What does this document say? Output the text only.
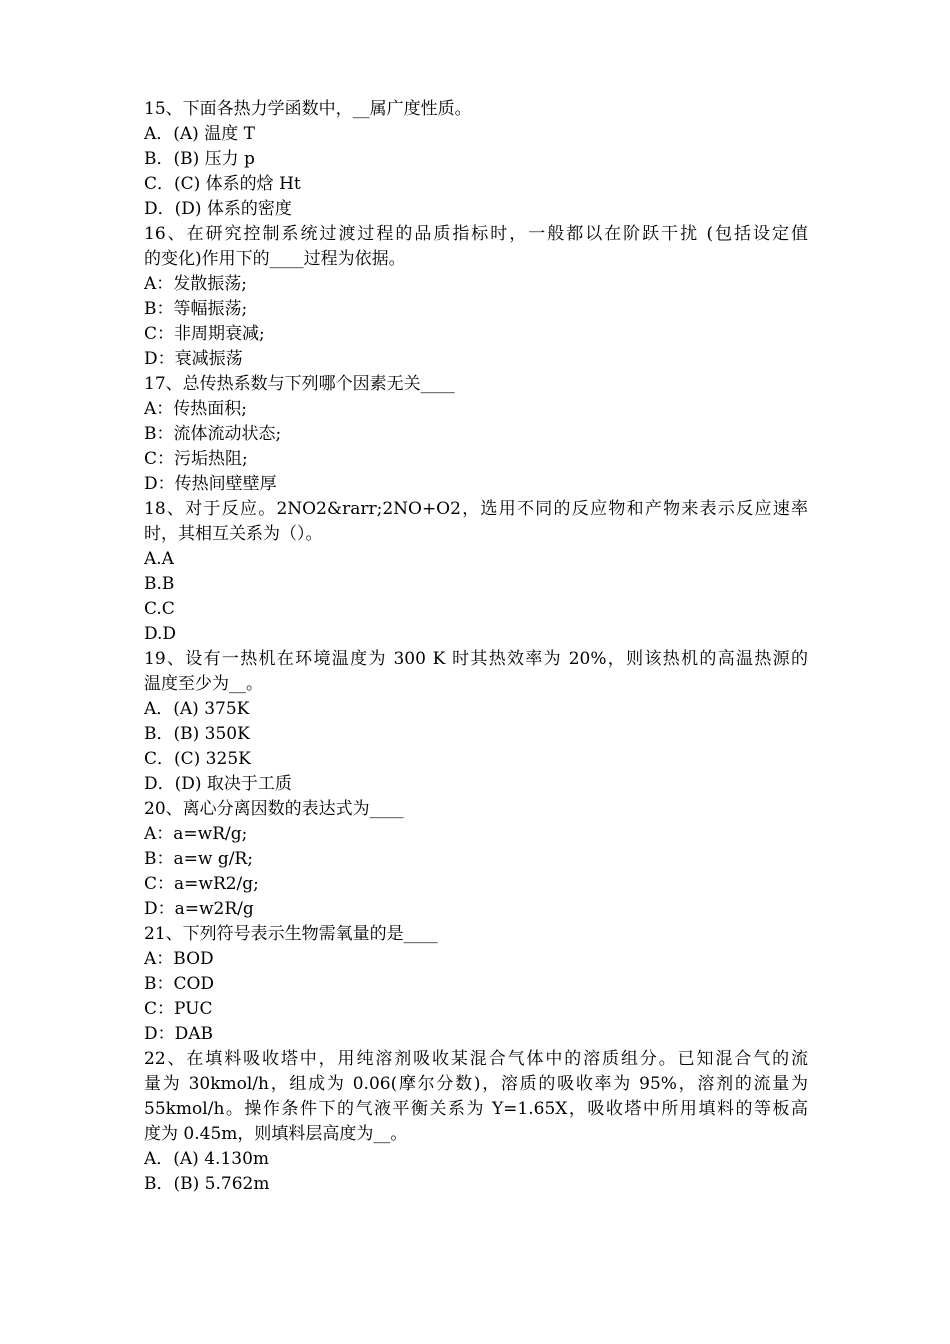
15、下面各热力学函数中，__属广度性质。
A．(A) 温度 T
B．(B) 压力 p
C．(C) 体系的焓 Ht
D．(D) 体系的密度
16、在研究控制系统过渡过程的品质指标时，一般都以在阶跃干扰 (包括设定值
的变化)作用下的____过程为依据。
A：发散振荡;
B：等幅振荡;
C：非周期衰减;
D：衰减振荡
17、总传热系数与下列哪个因素无关____
A：传热面积;
B：流体流动状态;
C：污垢热阻;
D：传热间壁壁厚
18、对于反应。2NO2&rarr;2NO+O2，选用不同的反应物和产物来表示反应速率
时，其相互关系为（）。
A.A
B.B
C.C
D.D
19、设有一热机在环境温度为 300 K 时其热效率为 20%，则该热机的高温热源的
温度至少为__。
A．(A) 375K
B．(B) 350K
C．(C) 325K
D．(D) 取决于工质
20、离心分离因数的表达式为____
A：a=wR/g;
B：a=w g/R;
C：a=wR2/g;
D：a=w2R/g
21、下列符号表示生物需氧量的是____
A：BOD
B：COD
C：PUC
D：DAB
22、在填料吸收塔中，用纯溶剂吸收某混合气体中的溶质组分。已知混合气的流
量为 30kmol/h，组成为 0.06(摩尔分数)，溶质的吸收率为 95%，溶剂的流量为
55kmol/h。操作条件下的气液平衡关系为 Y=1.65X，吸收塔中所用填料的等板高
度为 0.45m，则填料层高度为__。
A．(A) 4.130m
B．(B) 5.762m
